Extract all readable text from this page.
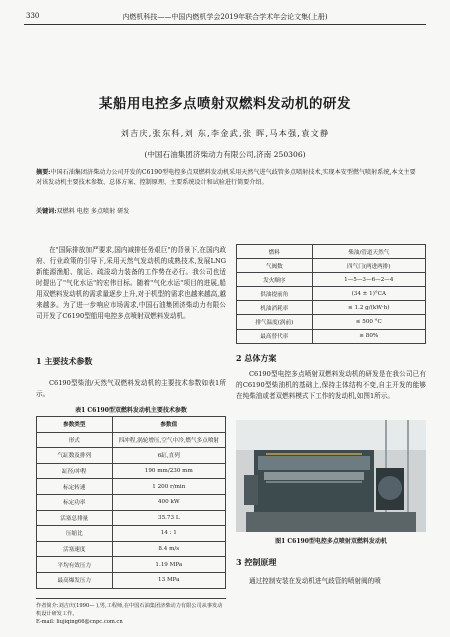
330	内燃机科技——中国内燃机学会2019年联合学术年会论文集(上册)
某船用电控多点喷射双燃料发动机的研发
刘吉庆,张东科,刘 东,李金武,张 晖,马本强,袁文静
(中国石油集团济柴动力有限公司,济南 250306)
摘要:中国石油集团济柴动力公司开发的C6190型电控多点双燃料发动机采用天然气进气歧管多点喷射技术,实现本安型燃气喷射系统,本文主要对该发动机主要技术参数、总体方案、控制原理、主要系统设计和试验进行简要介绍。
关键词:双燃料 电控 多点喷射 研发
在"国际排放加严要求,国内减排任务艰巨"的背景下,在国内政府、行业政策的引导下,采用天然气发动机的成熟技术,发展LNG新能源渔船、航运、疏浚动力装备的工作势在必行。我公司也适时提出了"气化水运"的宏伟目标。随着"气化水运"项目的进展,船用双燃料发动机的需求量逐步上升,对于机型的需求也越来越高,越来越多。为了进一步响应市场需求,中国石油集团济柴动力有限公司开发了C6190型船用电控多点喷射双燃料发动机。
1 主要技术参数
C6190型柴油/天然气双燃料发动机的主要技术参数如表1所示。
表1 C6190型双燃料发动机主要技术参数
参数类型	参数值
形式	四冲程,涡轮增压,空气中冷,燃气多点喷射
气缸数及排列	6缸,直列
缸径/冲程	190 mm/230 mm
标定转速	1 200 r/min
标定功率	400 kW
活塞总排量	35.73 L
压缩比	14 : 1
活塞速度	8.4 m/s
平均有效压力	1.19 MPa
最高爆发压力	13 MPa
作者简介:刘吉庆(1990— ),男,工程师,在中国石油集团济柴动力有限公司从事发动机设计研发工作。
E-mail: liujiqing66@cnpc.com.cn
燃料	柴油/管道天然气
气阀数	四气门(两进两排)
发火顺序	1—5—3—6—2—4
供油提前角	(34 ± 1)°CA
机油消耗率	≤ 1.2 g/(kW·h)
排气温度(涡前)	≤ 500 °C
最高替代率	≥ 80%
2 总体方案
C6190型电控多点喷射双燃料发动机的研发是在我公司已有的C6190型柴油机的基础上,保持主体结构不变,自主开发的能够在纯柴油或者双燃料模式下工作的发动机,如图1所示。
图1 C6190型电控多点喷射双燃料发动机
3 控制原理
通过控制安装在发动机进气歧管的喷射阀的喷
